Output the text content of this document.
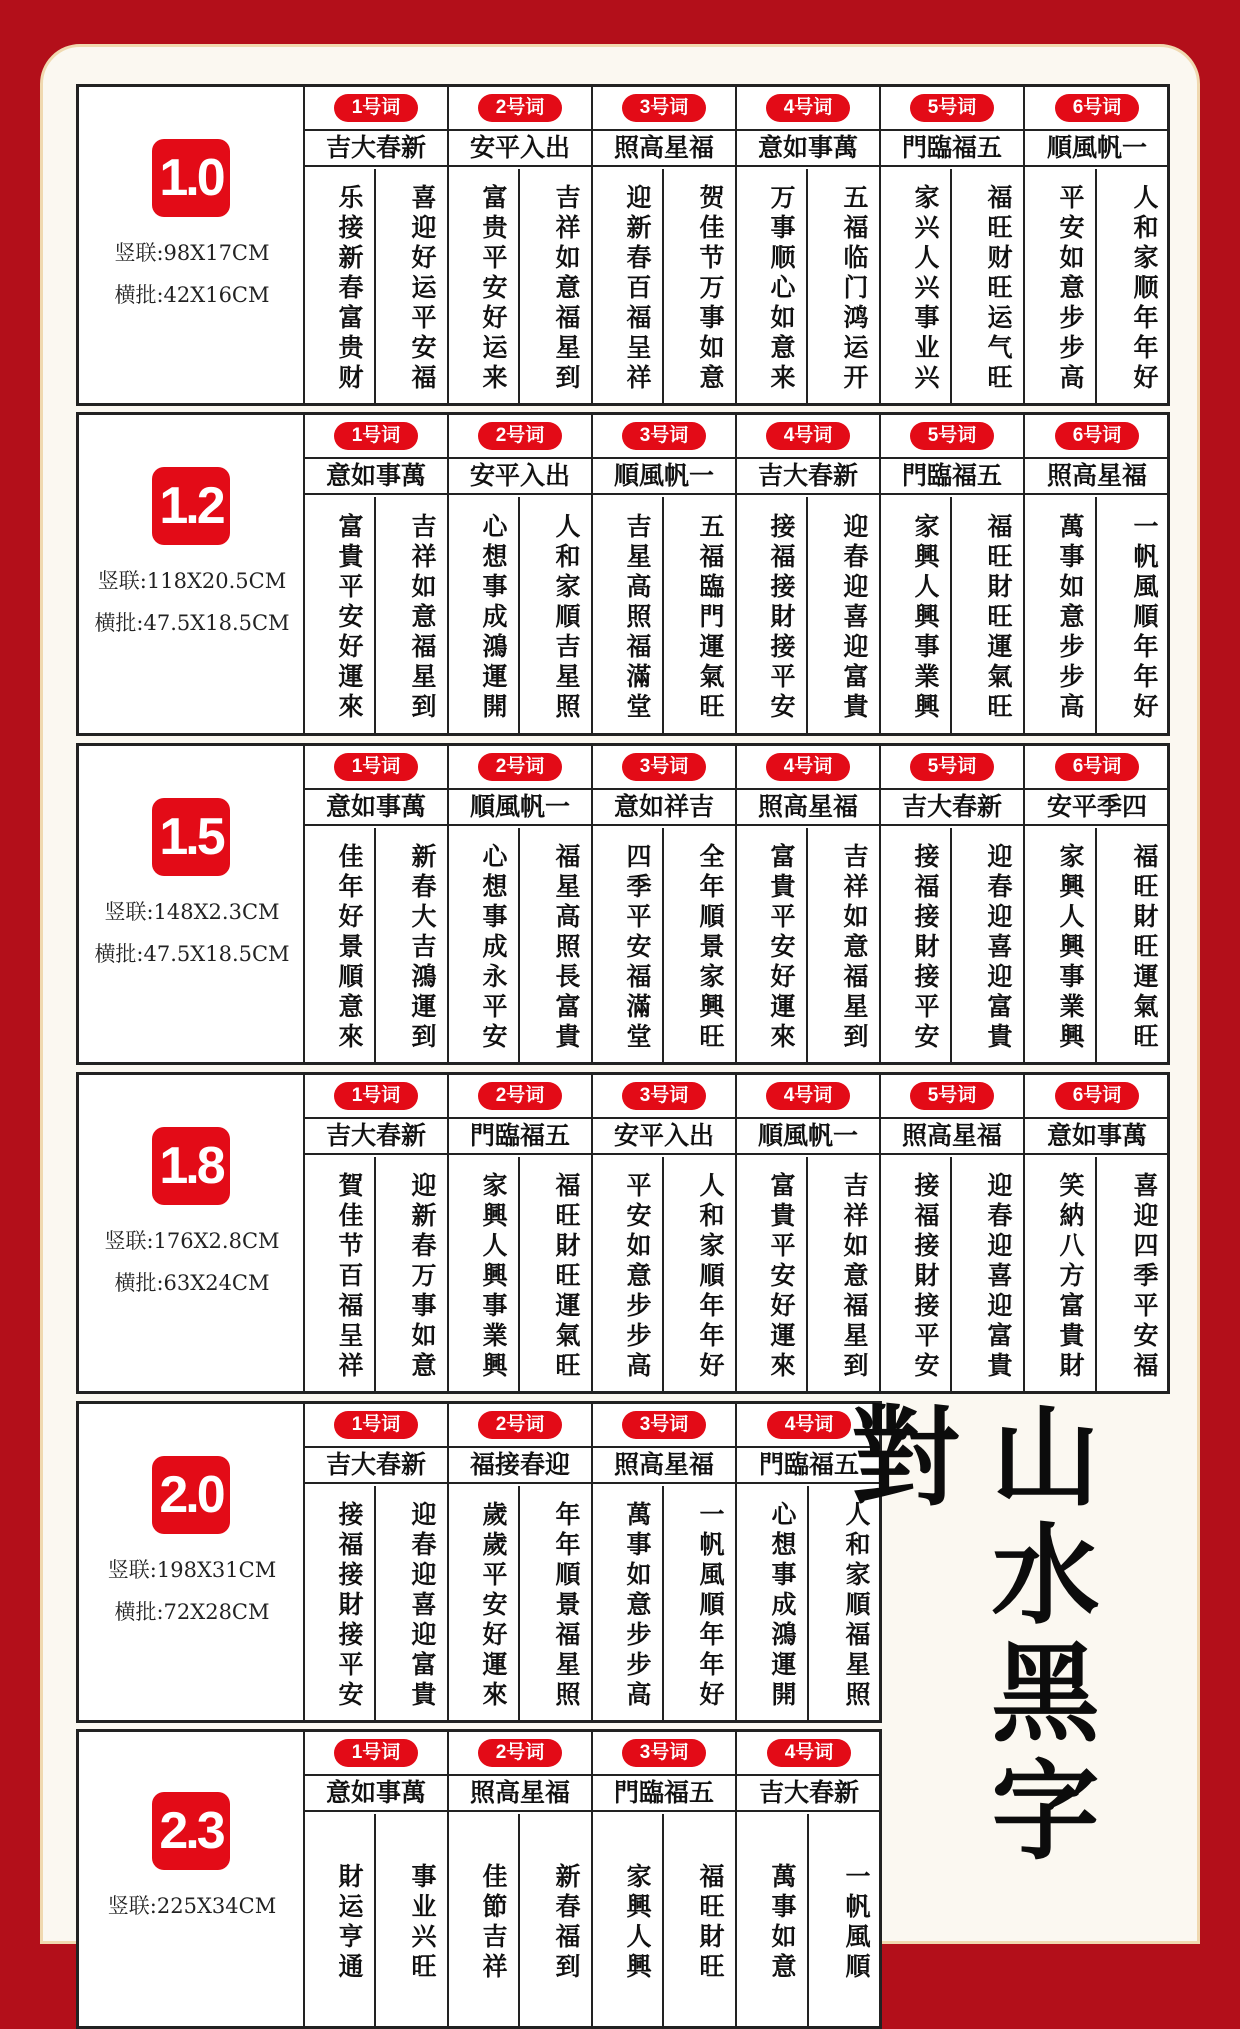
1.0
竖联:98X17CM
横批:42X16CM
1号词
吉大春新
乐接新春富贵财	喜迎好运平安福
2号词
安平入出
富贵平安好运来	吉祥如意福星到
3号词
照高星福
迎新春百福呈祥	贺佳节万事如意
4号词
意如事萬
万事顺心如意来	五福临门鸿运开
5号词
門臨福五
家兴人兴事业兴	福旺财旺运气旺
6号词
順風帆一
平安如意步步高	人和家顺年年好
1.2
竖联:118X20.5CM
横批:47.5X18.5CM
1号词
意如事萬
富貴平安好運來	吉祥如意福星到
2号词
安平入出
心想事成鴻運開	人和家順吉星照
3号词
順風帆一
吉星高照福滿堂	五福臨門運氣旺
4号词
吉大春新
接福接財接平安	迎春迎喜迎富貴
5号词
門臨福五
家興人興事業興	福旺財旺運氣旺
6号词
照高星福
萬事如意步步高	一帆風順年年好
1.5
竖联:148X2.3CM
横批:47.5X18.5CM
1号词
意如事萬
佳年好景順意來	新春大吉鴻運到
2号词
順風帆一
心想事成永平安	福星高照長富貴
3号词
意如祥吉
四季平安福滿堂	全年順景家興旺
4号词
照高星福
富貴平安好運來	吉祥如意福星到
5号词
吉大春新
接福接財接平安	迎春迎喜迎富貴
6号词
安平季四
家興人興事業興	福旺財旺運氣旺
1.8
竖联:176X2.8CM
横批:63X24CM
1号词
吉大春新
賀佳节百福呈祥	迎新春万事如意
2号词
門臨福五
家興人興事業興	福旺財旺運氣旺
3号词
安平入出
平安如意步步高	人和家順年年好
4号词
順風帆一
富貴平安好運來	吉祥如意福星到
5号词
照高星福
接福接財接平安	迎春迎喜迎富貴
6号词
意如事萬
笑納八方富貴財	喜迎四季平安福
2.0
竖联:198X31CM
横批:72X28CM
1号词
吉大春新
接福接財接平安	迎春迎喜迎富貴
2号词
福接春迎
歲歲平安好運來	年年順景福星照
3号词
照高星福
萬事如意步步高	一帆風順年年好
4号词
門臨福五
心想事成鴻運開	人和家順福星照
2.3
竖联:225X34CM
1号词
意如事萬
財运亨通	事业兴旺
2号词
照高星福
佳節吉祥	新春福到
3号词
門臨福五
家興人興	福旺財旺
4号词
吉大春新
萬事如意	一帆風順
山水黑字對
